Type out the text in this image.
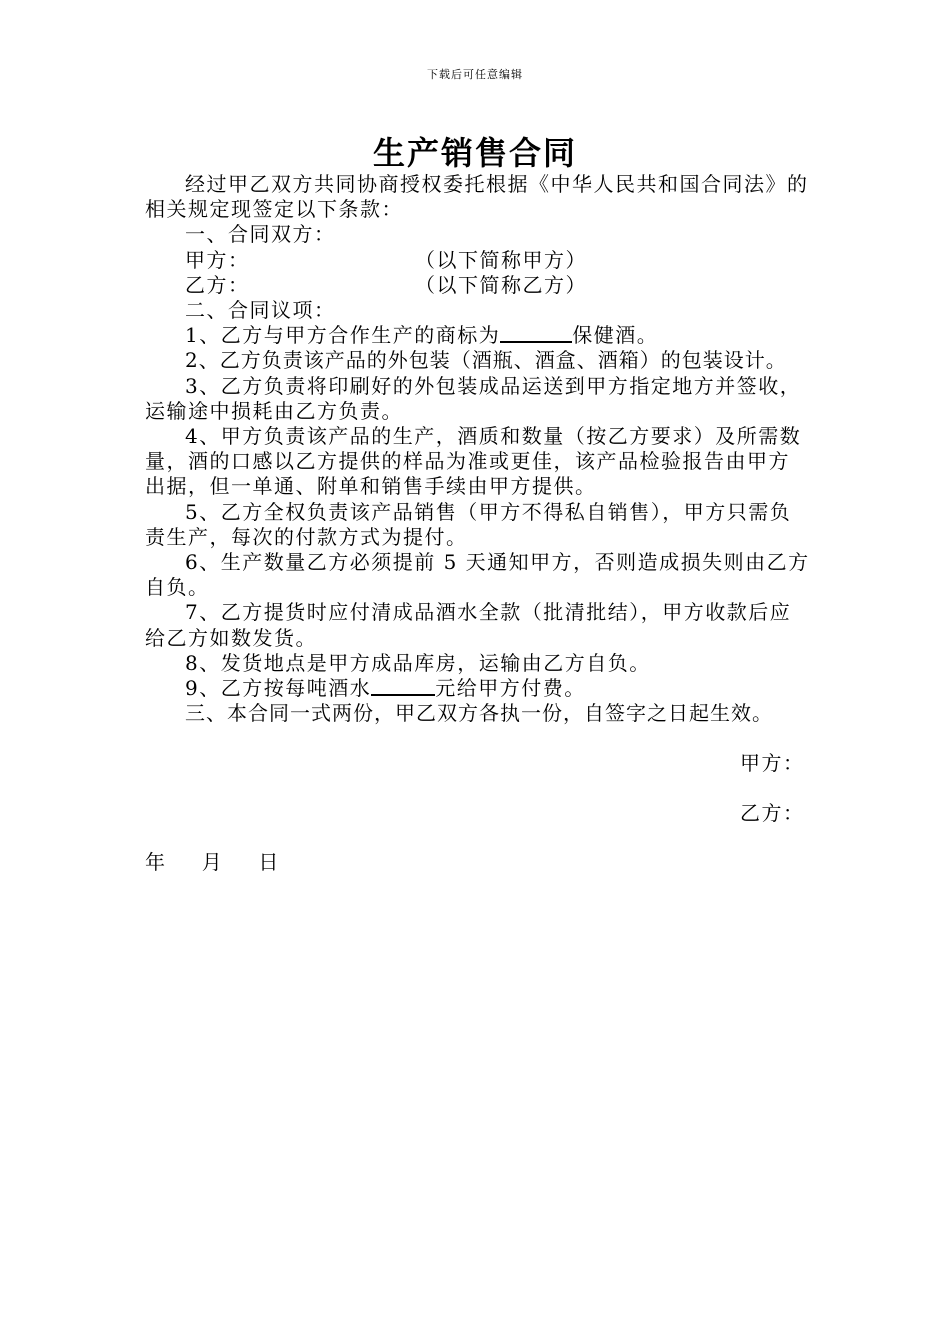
下载后可任意编辑
生产销售合同

经过甲乙双方共同协商授权委托根据《中华人民共和国合同法》的相关规定现签定以下条款：

一、合同双方：

甲方：	（以下简称甲方）

乙方：	（以下简称乙方）

二、合同议项：

1、乙方与甲方合作生产的商标为	保健酒。

2、乙方负责该产品的外包装（酒瓶、酒盒、酒箱）的包装设计。

3、乙方负责将印刷好的外包装成品运送到甲方指定地方并签收，运输途中损耗由乙方负责。

4、甲方负责该产品的生产，酒质和数量（按乙方要求）及所需数量，酒的口感以乙方提供的样品为准或更佳，该产品检验报告由甲方出据，但一单通、附单和销售手续由甲方提供。

5、乙方全权负责该产品销售（甲方不得私自销售），甲方只需负责生产，每次的付款方式为提付。

6、生产数量乙方必须提前 5 天通知甲方，否则造成损失则由乙方自负。

7、乙方提货时应付清成品酒水全款（批清批结），甲方收款后应给乙方如数发货。

8、发货地点是甲方成品库房，运输由乙方自负。

9、乙方按每吨酒水	元给甲方付费。

三、本合同一式两份，甲乙双方各执一份，自签字之日起生效。

甲方：
乙方：
年  月  日
